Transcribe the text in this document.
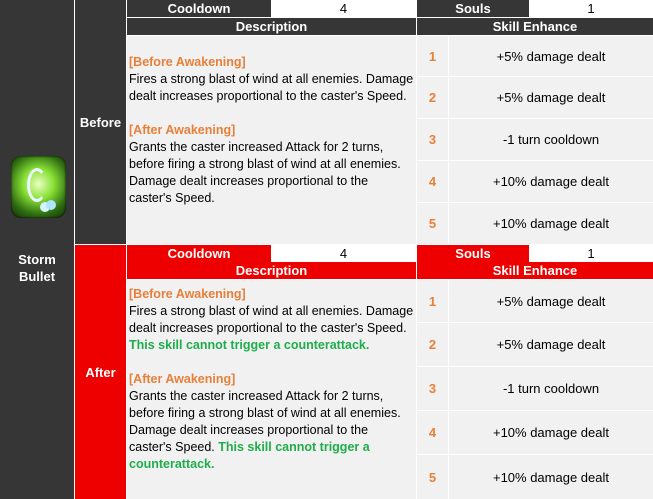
Storm Bullet
Before
Cooldown	4	Souls	1
Description	Skill Enhance

[Before Awakening]

Fires a strong blast of wind at all enemies. Damage dealt increases proportional to the caster's Speed.

[After Awakening]

Grants the caster increased Attack for 2 turns, before firing a strong blast of wind at all enemies. Damage dealt increases proportional to the caster's Speed.

1	+5% damage dealt
2	+5% damage dealt
3	-1 turn cooldown
4	+10% damage dealt
5	+10% damage dealt
After
Cooldown	4	Souls	1
Description	Skill Enhance

[Before Awakening]

Fires a strong blast of wind at all enemies. Damage dealt increases proportional to the caster's Speed. This skill cannot trigger a counterattack.

[After Awakening]

Grants the caster increased Attack for 2 turns, before firing a strong blast of wind at all enemies. Damage dealt increases proportional to the caster's Speed. This skill cannot trigger a counterattack.

1	+5% damage dealt
2	+5% damage dealt
3	-1 turn cooldown
4	+10% damage dealt
5	+10% damage dealt
